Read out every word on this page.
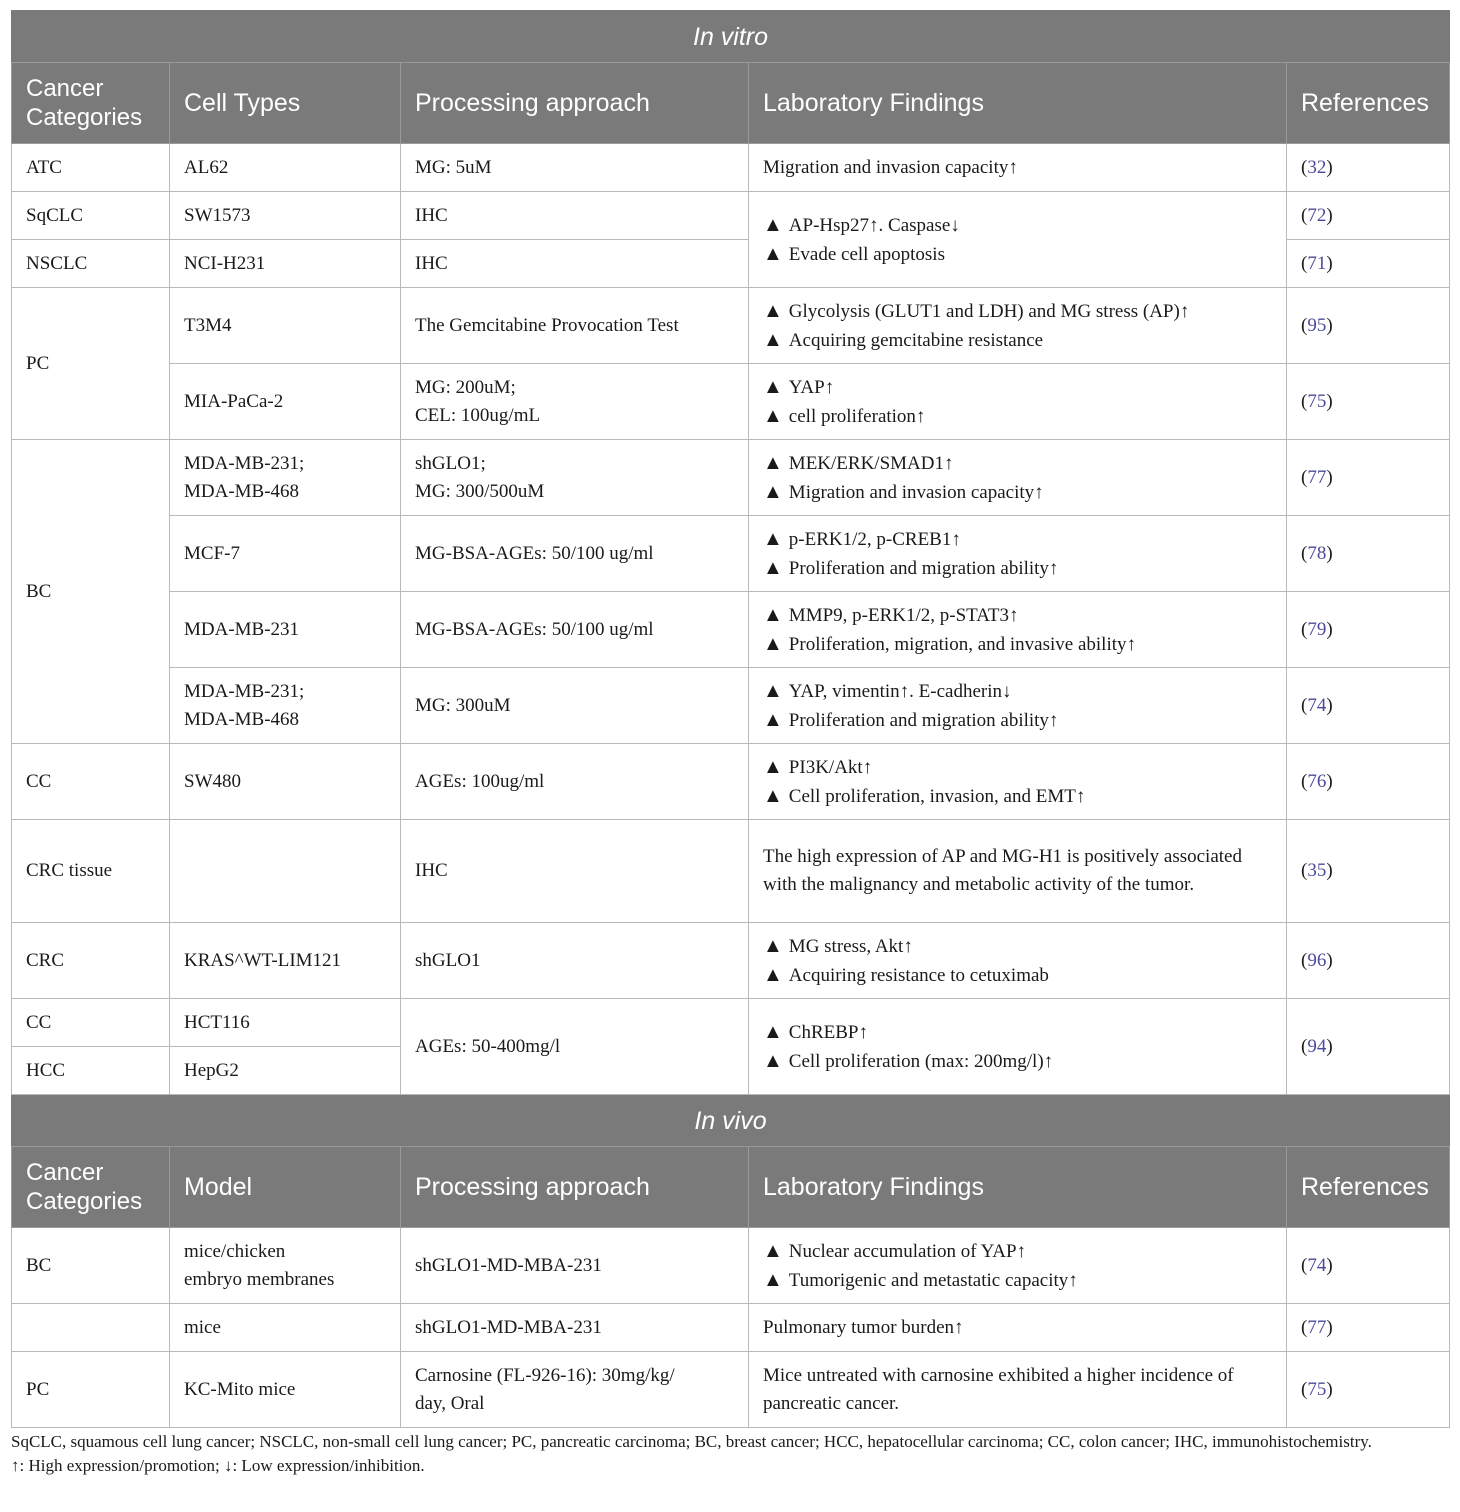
In vitro				
Cancer Categories	Cell Types	Processing approach	Laboratory Findings	References

ATC	AL62	MG: 5uM	Migration and invasion capacity↑	(32)

SqCLC	SW1573	IHC	▲ AP-Hsp27↑. Caspase↓
▲ Evade cell apoptosis	(72)

NSCLC	NCI-H231	IHC		(71)

PC	T3M4	The Gemcitabine Provocation Test	▲ Glycolysis (GLUT1 and LDH) and MG stress (AP)↑
▲ Acquiring gemcitabine resistance	(95)

	MIA-PaCa-2	MG: 200uM;
CEL: 100ug/mL	▲ YAP↑
▲ cell proliferation↑	(75)

BC	MDA-MB-231;
MDA-MB-468	shGLO1;
MG: 300/500uM	▲ MEK/ERK/SMAD1↑
▲ Migration and invasion capacity↑	(77)

	MCF-7	MG-BSA-AGEs: 50/100 ug/ml	▲ p-ERK1/2, p-CREB1↑
▲ Proliferation and migration ability↑	(78)

	MDA-MB-231	MG-BSA-AGEs: 50/100 ug/ml	▲ MMP9, p-ERK1/2, p-STAT3↑
▲ Proliferation, migration, and invasive ability↑	(79)

	MDA-MB-231;
MDA-MB-468	MG: 300uM	▲ YAP, vimentin↑. E-cadherin↓
▲ Proliferation and migration ability↑	(74)

CC	SW480	AGEs: 100ug/ml	▲ PI3K/Akt↑
▲ Cell proliferation, invasion, and EMT↑	(76)

CRC tissue		IHC	The high expression of AP and MG-H1 is positively associated with the malignancy and metabolic activity of the tumor.	(35)

CRC	KRAS^WT-LIM121	shGLO1	▲ MG stress, Akt↑
▲ Acquiring resistance to cetuximab	(96)

CC	HCT116	AGEs: 50-400mg/l	▲ ChREBP↑
▲ Cell proliferation (max: 200mg/l)↑	(94)

HCC	HepG2			

In vivo				
Cancer Categories	Model	Processing approach	Laboratory Findings	References

BC	mice/chicken
embryo membranes	shGLO1-MD-MBA-231	▲ Nuclear accumulation of YAP↑
▲ Tumorigenic and metastatic capacity↑	(74)

	mice	shGLO1-MD-MBA-231	Pulmonary tumor burden↑	(77)

PC	KC-Mito mice	Carnosine (FL-926-16): 30mg/kg/
day, Oral	Mice untreated with carnosine exhibited a higher incidence of pancreatic cancer.	(75)

SqCLC, squamous cell lung cancer; NSCLC, non-small cell lung cancer; PC, pancreatic carcinoma; BC, breast cancer; HCC, hepatocellular carcinoma; CC, colon cancer; IHC, immunohistochemistry.

↑: High expression/promotion; ↓: Low expression/inhibition.
